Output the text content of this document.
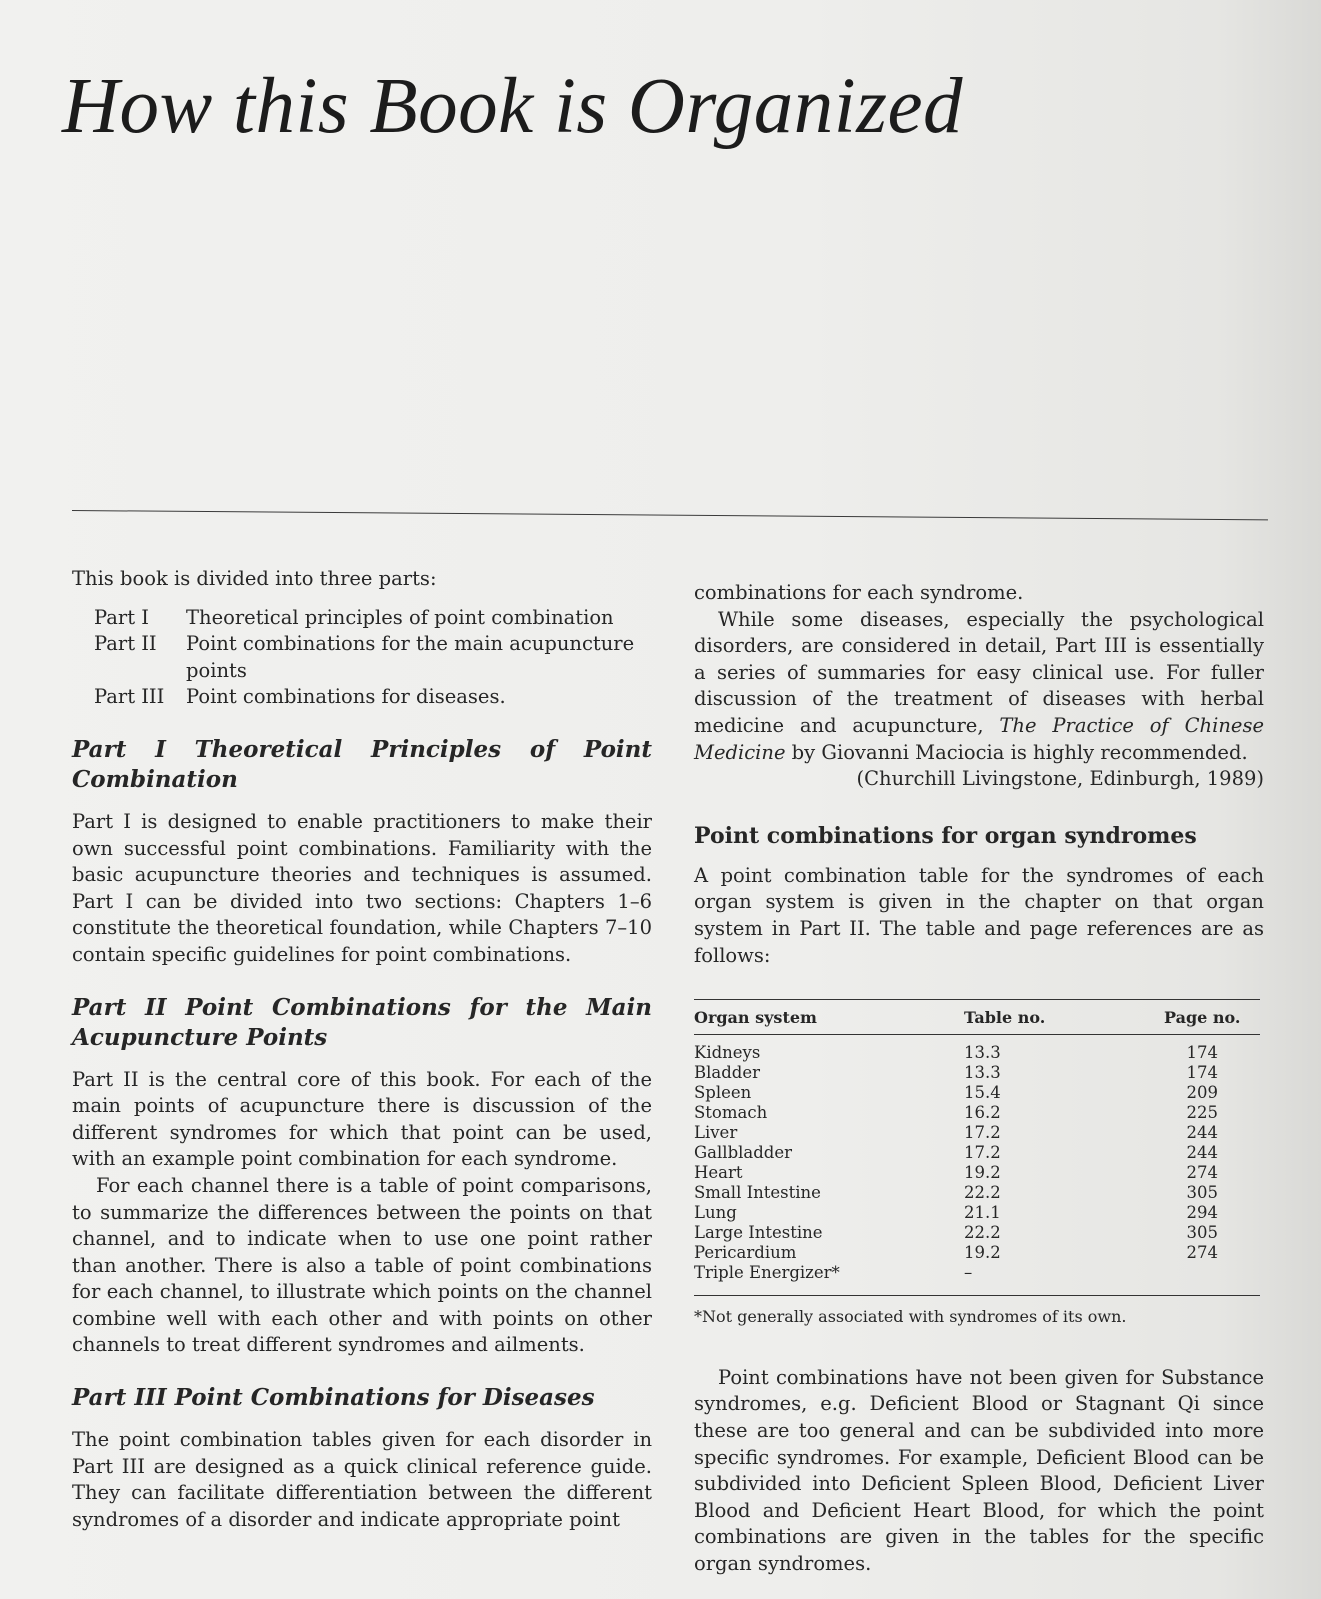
How this Book is Organized

This book is divided into three parts:

Part I	Theoretical principles of point combination
Part II	Point combinations for the main acupuncture points
Part III	Point combinations for diseases.
Part I Theoretical Principles of Point Combination

Part I is designed to enable practitioners to make their own successful point combinations. Familiarity with the basic acupuncture theories and techniques is assumed. Part I can be divided into two sections: Chapters 1–6 constitute the theoretical foundation, while Chapters 7–10 contain specific guidelines for point combinations.

Part II Point Combinations for the Main Acupuncture Points

Part II is the central core of this book. For each of the main points of acupuncture there is discussion of the different syndromes for which that point can be used, with an example point combination for each syndrome.

For each channel there is a table of point comparisons, to summarize the differences between the points on that channel, and to indicate when to use one point rather than another. There is also a table of point combinations for each channel, to illustrate which points on the channel combine well with each other and with points on other channels to treat different syndromes and ailments.

Part III Point Combinations for Diseases

The point combination tables given for each disorder in Part III are designed as a quick clinical reference guide. They can facilitate differentiation between the different syndromes of a disorder and indicate appropriate point

combinations for each syndrome.

While some diseases, especially the psychological disorders, are considered in detail, Part III is essentially a series of summaries for easy clinical use. For fuller discussion of the treatment of diseases with herbal medicine and acupuncture, The Practice of Chinese Medicine by Giovanni Maciocia is highly recommended.

(Churchill Livingstone, Edinburgh, 1989)

Point combinations for organ syndromes

A point combination table for the syndromes of each organ system is given in the chapter on that organ system in Part II. The table and page references are as follows:

Organ system	Table no.	Page no.
Kidneys	13.3	174
Bladder	13.3	174
Spleen	15.4	209
Stomach	16.2	225
Liver	17.2	244
Gallbladder	17.2	244
Heart	19.2	274
Small Intestine	22.2	305
Lung	21.1	294
Large Intestine	22.2	305
Pericardium	19.2	274
Triple Energizer*	–	

*Not generally associated with syndromes of its own.

Point combinations have not been given for Substance syndromes, e.g. Deficient Blood or Stagnant Qi since these are too general and can be subdivided into more specific syndromes. For example, Deficient Blood can be subdivided into Deficient Spleen Blood, Deficient Liver Blood and Deficient Heart Blood, for which the point combinations are given in the tables for the specific organ syndromes.
